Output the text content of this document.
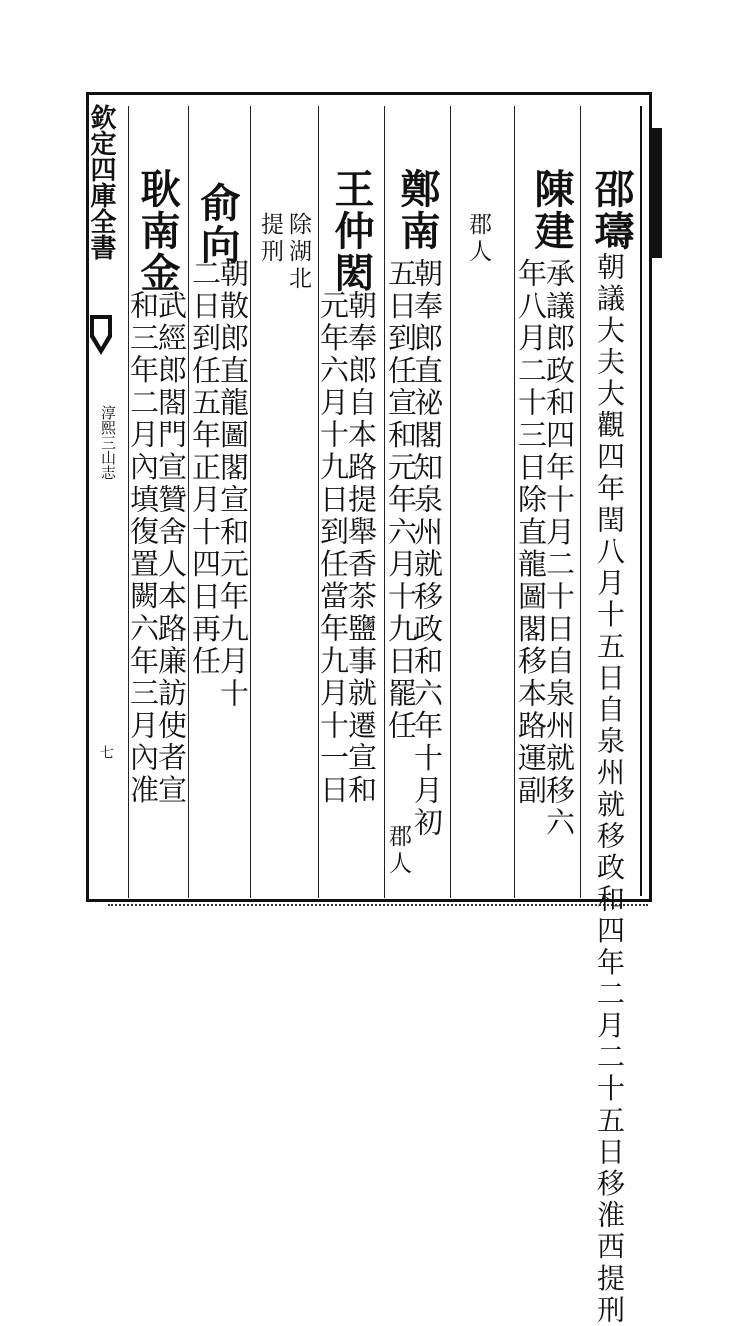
欽定四庫全書
淳熙三山志
七
邵璹
朝議大夫大觀四年閏八月十五日自泉州就移政和四年二月二十五日移淮西提刑
陳建
承議郎政和四年十月二十日自泉州就移六
年八月二十三日除直龍圖閣移本路運副
郡人
鄭南
朝奉郎直祕閣知泉州就移政和六年十月初
五日到任宣和元年六月十九日罷任
郡人
王仲閎
朝奉郎自本路提舉香茶鹽事就遷宣和
元年六月十九日到任當年九月十一日
除湖北
提刑
俞向
朝散郎直龍圖閣宣和元年九月十
二日到任五年正月十四日再任
耿南金
武經郎閤門宣贊舍人本路廉訪使者宣
和三年二月內填復置闕六年三月內准
